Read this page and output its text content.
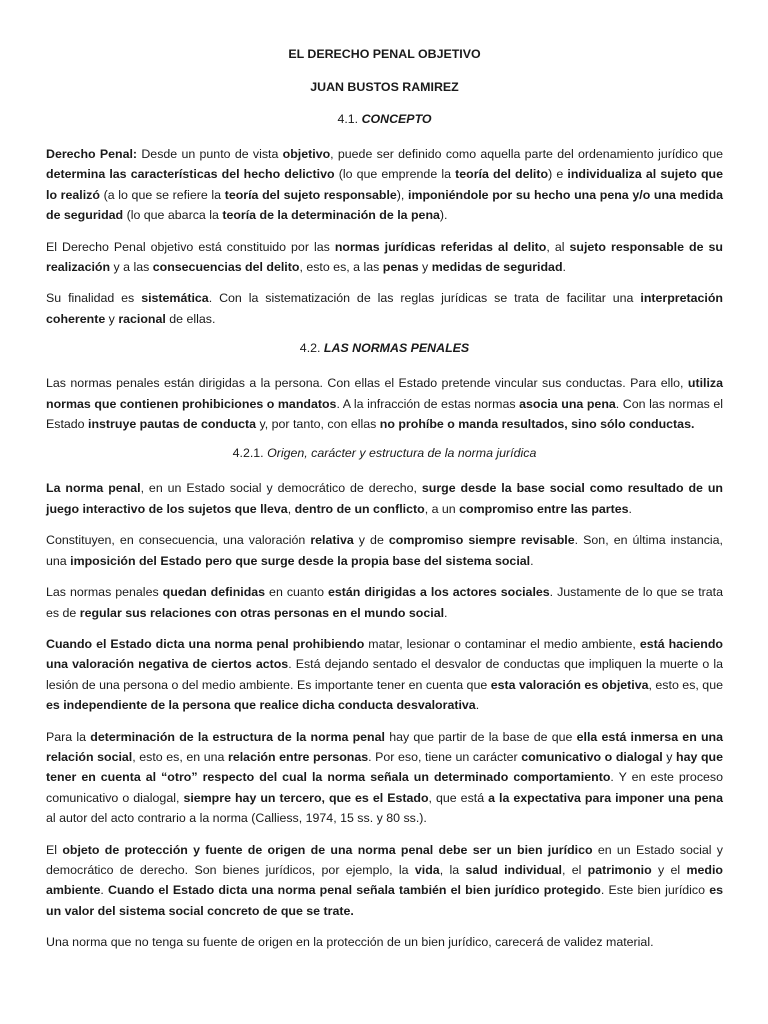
EL DERECHO PENAL OBJETIVO
JUAN BUSTOS RAMIREZ
4.1. CONCEPTO

Derecho Penal: Desde un punto de vista objetivo, puede ser definido como aquella parte del ordenamiento jurídico que determina las características del hecho delictivo (lo que emprende la teoría del delito) e individualiza al sujeto que lo realizó (a lo que se refiere la teoría del sujeto responsable), imponiéndole por su hecho una pena y/o una medida de seguridad (lo que abarca la teoría de la determinación de la pena).

El Derecho Penal objetivo está constituido por las normas jurídicas referidas al delito, al sujeto responsable de su realización y a las consecuencias del delito, esto es, a las penas y medidas de seguridad.

Su finalidad es sistemática. Con la sistematización de las reglas jurídicas se trata de facilitar una interpretación coherente y racional de ellas.

4.2. LAS NORMAS PENALES

Las normas penales están dirigidas a la persona. Con ellas el Estado pretende vincular sus conductas. Para ello, utiliza normas que contienen prohibiciones o mandatos. A la infracción de estas normas asocia una pena. Con las normas el Estado instruye pautas de conducta y, por tanto, con ellas no prohíbe o manda resultados, sino sólo conductas.

4.2.1. Origen, carácter y estructura de la norma jurídica

La norma penal, en un Estado social y democrático de derecho, surge desde la base social como resultado de un juego interactivo de los sujetos que lleva, dentro de un conflicto, a un compromiso entre las partes.

Constituyen, en consecuencia, una valoración relativa y de compromiso siempre revisable. Son, en última instancia, una imposición del Estado pero que surge desde la propia base del sistema social.

Las normas penales quedan definidas en cuanto están dirigidas a los actores sociales. Justamente de lo que se trata es de regular sus relaciones con otras personas en el mundo social.

Cuando el Estado dicta una norma penal prohibiendo matar, lesionar o contaminar el medio ambiente, está haciendo una valoración negativa de ciertos actos. Está dejando sentado el desvalor de conductas que impliquen la muerte o la lesión de una persona o del medio ambiente. Es importante tener en cuenta que esta valoración es objetiva, esto es, que es independiente de la persona que realice dicha conducta desvalorativa.

Para la determinación de la estructura de la norma penal hay que partir de la base de que ella está inmersa en una relación social, esto es, en una relación entre personas. Por eso, tiene un carácter comunicativo o dialogal y hay que tener en cuenta al “otro” respecto del cual la norma señala un determinado comportamiento. Y en este proceso comunicativo o dialogal, siempre hay un tercero, que es el Estado, que está a la expectativa para imponer una pena al autor del acto contrario a la norma (Calliess, 1974, 15 ss. y 80 ss.).

El objeto de protección y fuente de origen de una norma penal debe ser un bien jurídico en un Estado social y democrático de derecho. Son bienes jurídicos, por ejemplo, la vida, la salud individual, el patrimonio y el medio ambiente. Cuando el Estado dicta una norma penal señala también el bien jurídico protegido. Este bien jurídico es un valor del sistema social concreto de que se trate.

Una norma que no tenga su fuente de origen en la protección de un bien jurídico, carecerá de validez material.
